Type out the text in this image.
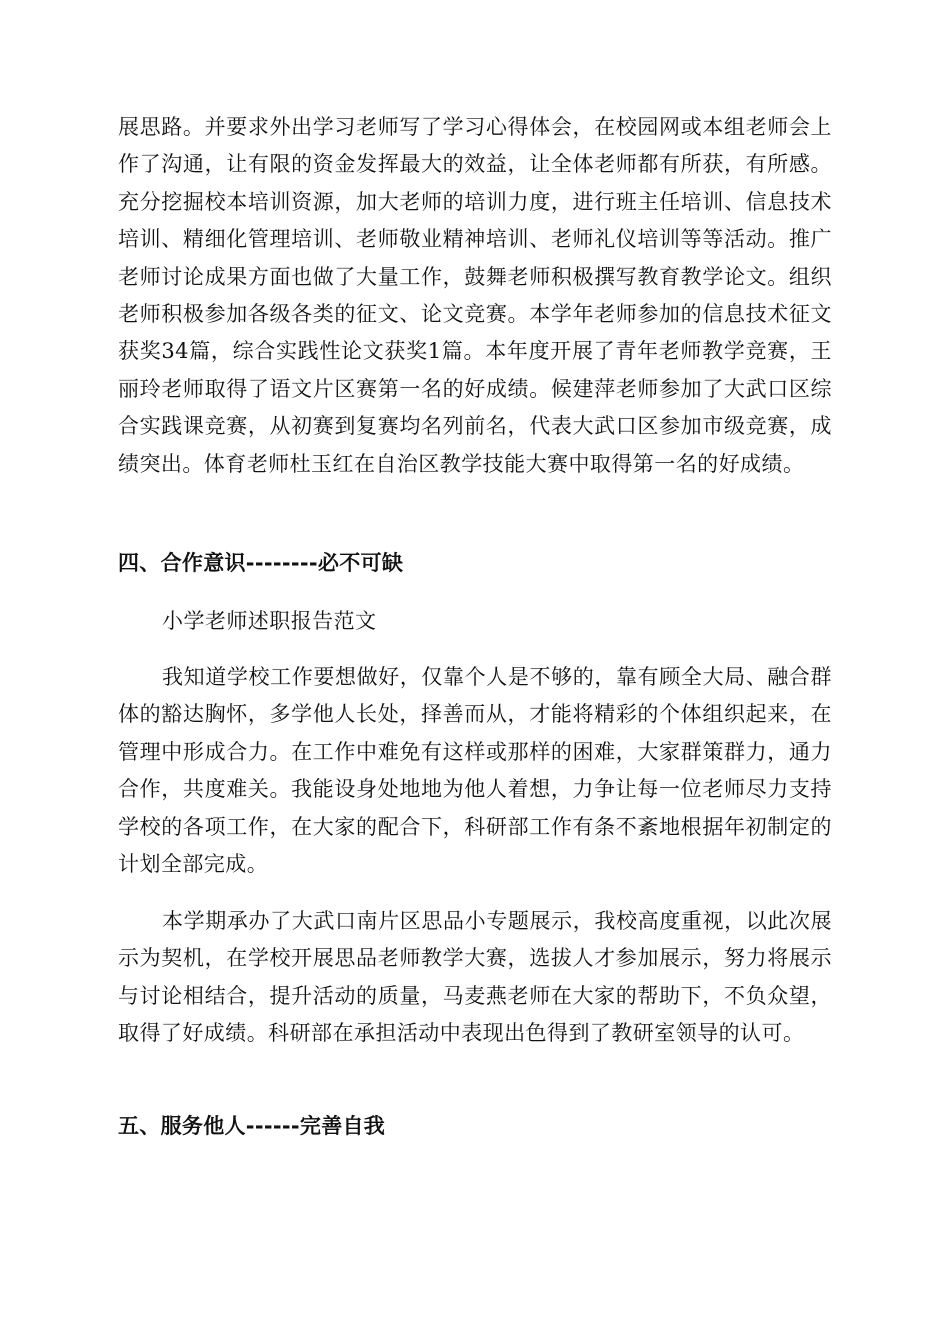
展思路。并要求外出学习老师写了学习心得体会，在校园网或本组老师会上作了沟通，让有限的资金发挥最大的效益，让全体老师都有所获，有所感。充分挖掘校本培训资源，加大老师的培训力度，进行班主任培训、信息技术培训、精细化管理培训、老师敬业精神培训、老师礼仪培训等等活动。推广老师讨论成果方面也做了大量工作，鼓舞老师积极撰写教育教学论文。组织老师积极参加各级各类的征文、论文竞赛。本学年老师参加的信息技术征文获奖34篇，综合实践性论文获奖1篇。本年度开展了青年老师教学竞赛，王丽玲老师取得了语文片区赛第一名的好成绩。候建萍老师参加了大武口区综合实践课竞赛，从初赛到复赛均名列前名，代表大武口区参加市级竞赛，成绩突出。体育老师杜玉红在自治区教学技能大赛中取得第一名的好成绩。

四、合作意识--------必不可缺
小学老师述职报告范文

我知道学校工作要想做好，仅靠个人是不够的，靠有顾全大局、融合群体的豁达胸怀，多学他人长处，择善而从，才能将精彩的个体组织起来，在管理中形成合力。在工作中难免有这样或那样的困难，大家群策群力，通力合作，共度难关。我能设身处地地为他人着想，力争让每一位老师尽力支持学校的各项工作，在大家的配合下，科研部工作有条不紊地根据年初制定的计划全部完成。

本学期承办了大武口南片区思品小专题展示，我校高度重视，以此次展示为契机，在学校开展思品老师教学大赛，选拔人才参加展示，努力将展示与讨论相结合，提升活动的质量，马麦燕老师在大家的帮助下，不负众望，取得了好成绩。科研部在承担活动中表现出色得到了教研室领导的认可。

五、服务他人------完善自我
